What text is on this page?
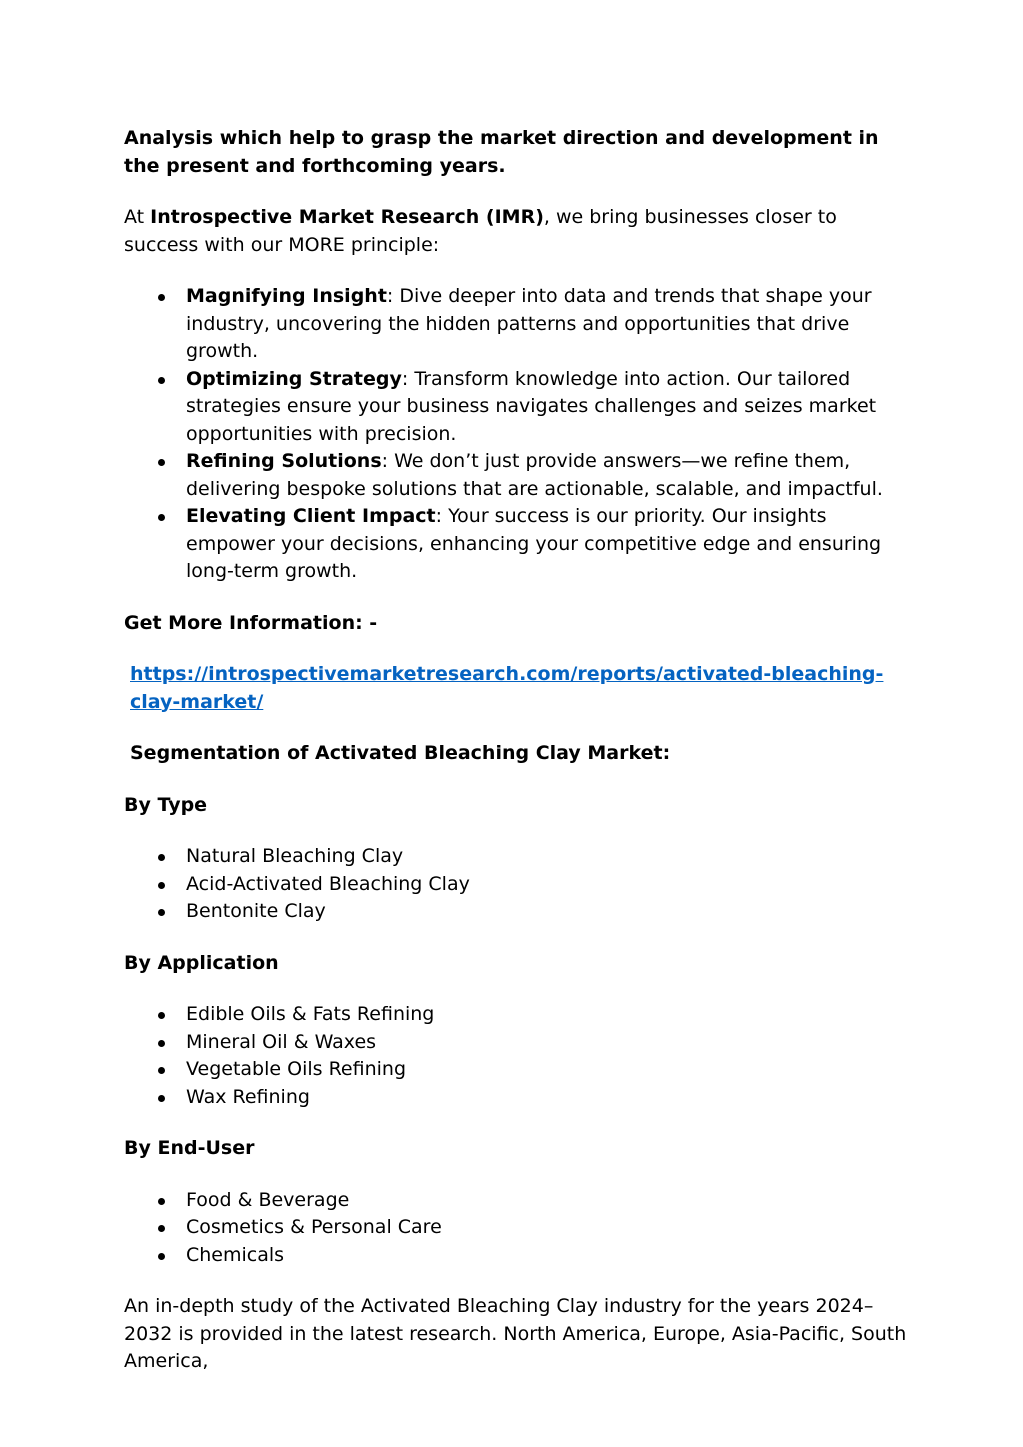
Analysis which help to grasp the market direction and development in the present and forthcoming years.

At Introspective Market Research (IMR), we bring businesses closer to success with our MORE principle:

Magnifying Insight: Dive deeper into data and trends that shape your industry, uncovering the hidden patterns and opportunities that drive growth.
Optimizing Strategy: Transform knowledge into action. Our tailored strategies ensure your business navigates challenges and seizes market opportunities with precision.
Refining Solutions: We don’t just provide answers—we refine them, delivering bespoke solutions that are actionable, scalable, and impactful.
Elevating Client Impact: Your success is our priority. Our insights empower your decisions, enhancing your competitive edge and ensuring long-term growth.

Get More Information: -

https://introspectivemarketresearch.com/reports/activated-bleaching-clay-market/

Segmentation of Activated Bleaching Clay Market:

By Type

Natural Bleaching Clay
Acid-Activated Bleaching Clay
Bentonite Clay

By Application

Edible Oils & Fats Refining
Mineral Oil & Waxes
Vegetable Oils Refining
Wax Refining

By End-User

Food & Beverage
Cosmetics & Personal Care
Chemicals

An in-depth study of the Activated Bleaching Clay industry for the years 2024–2032 is provided in the latest research. North America, Europe, Asia-Pacific, South America,
